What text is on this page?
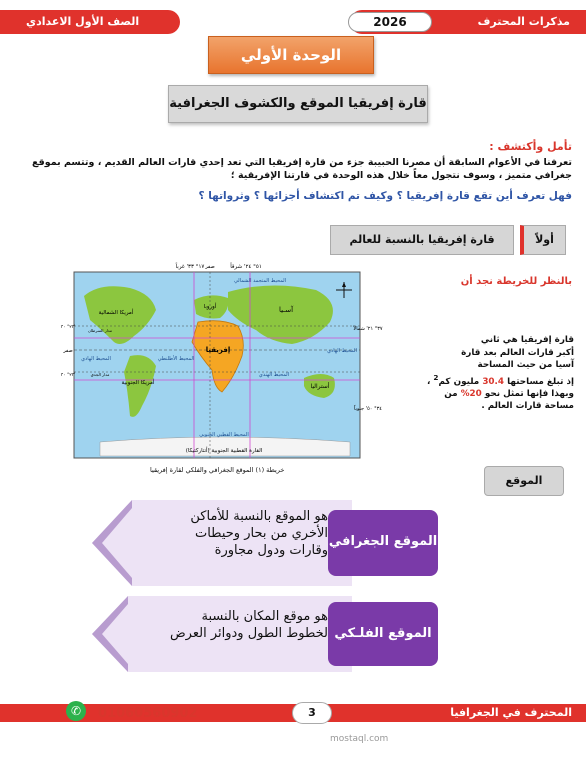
مذكرات المحترف
2026
الصف الأول الاعدادي
الوحدة الأولي
قارة إفريقيا الموقع والكشوف الجغرافية
تأمل وأكتشف :
تعرفنا في الأعوام السابقة أن مصرنا الحبيبة جزء من قارة إفريقيا التي تعد إحدي قارات العالم القديم ، وتتسم بموقع جغرافي متميز ، وسوف نتجول معاً خلال هذه الوحدة في قارتنا الإفريقية ؛
فهل تعرف أين تقع قارة إفريقيا ؟ وكيف تم اكتشاف أجزائها ؟ وثرواتها ؟
أولاً
قارة إفريقيا بالنسبة للعالم
بالنظر للخريطة نجد أن
أمريكا الشمالية
أمريكا الجنوبية
أوروبا	آسـيا
إفريقيا
أستراليا
القارة القطبية الجنوبية (أنتاركتيكا)
المحيط المتجمد الشمالي
المحيط القطبي الجنوبي
المحيط الهادي	المحيط الأطلنطي
المحيط الهندي
المحيط الهادي
١٧° ٣٣' غرباً	٥١° ٢٤' شرقاً
صفر
٣٧° ٢١' شمالاً
٣٤° ٥٠' جنوباً
صفر
٢٣° ٣٠'
٢٣° ٣٠'
مدار السرطان
مدار الجدي
خريطة (١) الموقع الجغرافي والفلكي لقارة إفريقيا
قارة إفريقيا هي ثاني
أكبر قارات العالم بعد قارة
آسيا من حيث المساحة
إذ تبلغ مساحتها 30.4 مليون كم$^2$ ،
وبهذا فإنها تمثل نحو 20% من
مساحة قارات العالم .
الموقع
هو الموقع بالنسبة للأماكن الأخري من بحار وحيطات وقارات ودول مجاورة
الموقع الجغرافي
هو موقع المكان بالنسبة لخطوط الطول ودوائر العرض الموقع الفلـكي
المحترف في الجغرافيا
3
✆	01060560902
mostaql.com
